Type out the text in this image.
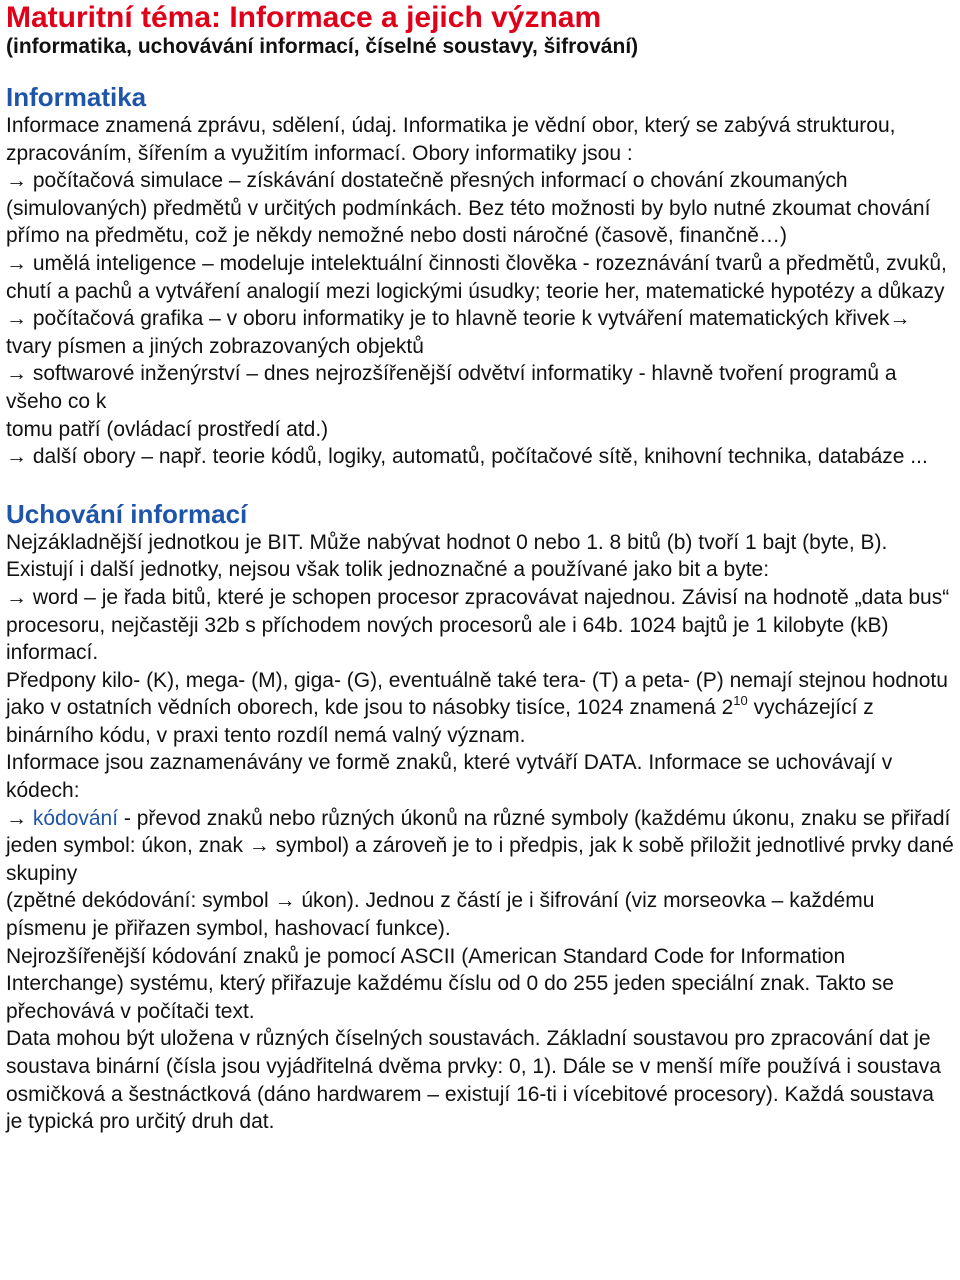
Maturitní téma: Informace a jejich význam

(informatika, uchovávání informací, číselné soustavy, šifrování)

Informatika

Informace znamená zprávu, sdělení, údaj. Informatika je vědní obor, který se zabývá strukturou, zpracováním, šířením a využitím informací. Obory informatiky jsou :

→ počítačová simulace – získávání dostatečně přesných informací o chování zkoumaných (simulovaných) předmětů v určitých podmínkách. Bez této možnosti by bylo nutné zkoumat chování přímo na předmětu, což je někdy nemožné nebo dosti náročné (časově, finančně…)

→ umělá inteligence – modeluje intelektuální činnosti člověka - rozeznávání tvarů a předmětů, zvuků, chutí a pachů a vytváření analogií mezi logickými úsudky; teorie her, matematické hypotézy a důkazy

→ počítačová grafika – v oboru informatiky je to hlavně teorie k vytváření matematických křivek→ tvary písmen a jiných zobrazovaných objektů

→ softwarové inženýrství – dnes nejrozšířenější odvětví informatiky - hlavně tvoření programů a všeho co k

tomu patří (ovládací prostředí atd.)

→ další obory – např. teorie kódů, logiky, automatů, počítačové sítě, knihovní technika, databáze ...

Uchování informací

Nejzákladnější jednotkou je BIT. Může nabývat hodnot 0 nebo 1. 8 bitů (b) tvoří 1 bajt (byte, B). Existují i další jednotky, nejsou však tolik jednoznačné a používané jako bit a byte:

→ word – je řada bitů, které je schopen procesor zpracovávat najednou. Závisí na hodnotě „data bus“ procesoru, nejčastěji 32b s příchodem nových procesorů ale i 64b. 1024 bajtů je 1 kilobyte (kB) informací.

Předpony kilo- (K), mega- (M), giga- (G), eventuálně také tera- (T) a peta- (P) nemají stejnou hodnotu jako v ostatních vědních oborech, kde jsou to násobky tisíce, 1024 znamená $2^{10}$ vycházející z binárního kódu, v praxi tento rozdíl nemá valný význam.

Informace jsou zaznamenávány ve formě znaků, které vytváří DATA. Informace se uchovávají v kódech:

→ kódování - převod znaků nebo různých úkonů na různé symboly (každému úkonu, znaku se přiřadí jeden symbol: úkon, znak → symbol) a zároveň je to i předpis, jak k sobě přiložit jednotlivé prvky dané skupiny

(zpětné dekódování: symbol → úkon). Jednou z částí je i šifrování (viz morseovka – každému písmenu je přiřazen symbol, hashovací funkce).

Nejrozšířenější kódování znaků je pomocí ASCII (American Standard Code for Information Interchange) systému, který přiřazuje každému číslu od 0 do 255 jeden speciální znak. Takto se přechovává v počítači text.

Data mohou být uložena v různých číselných soustavách. Základní soustavou pro zpracování dat je soustava binární (čísla jsou vyjádřitelná dvěma prvky: 0, 1). Dále se v menší míře používá i soustava osmičková a šestnáctková (dáno hardwarem – existují 16-ti i vícebitové procesory). Každá soustava je typická pro určitý druh dat.
